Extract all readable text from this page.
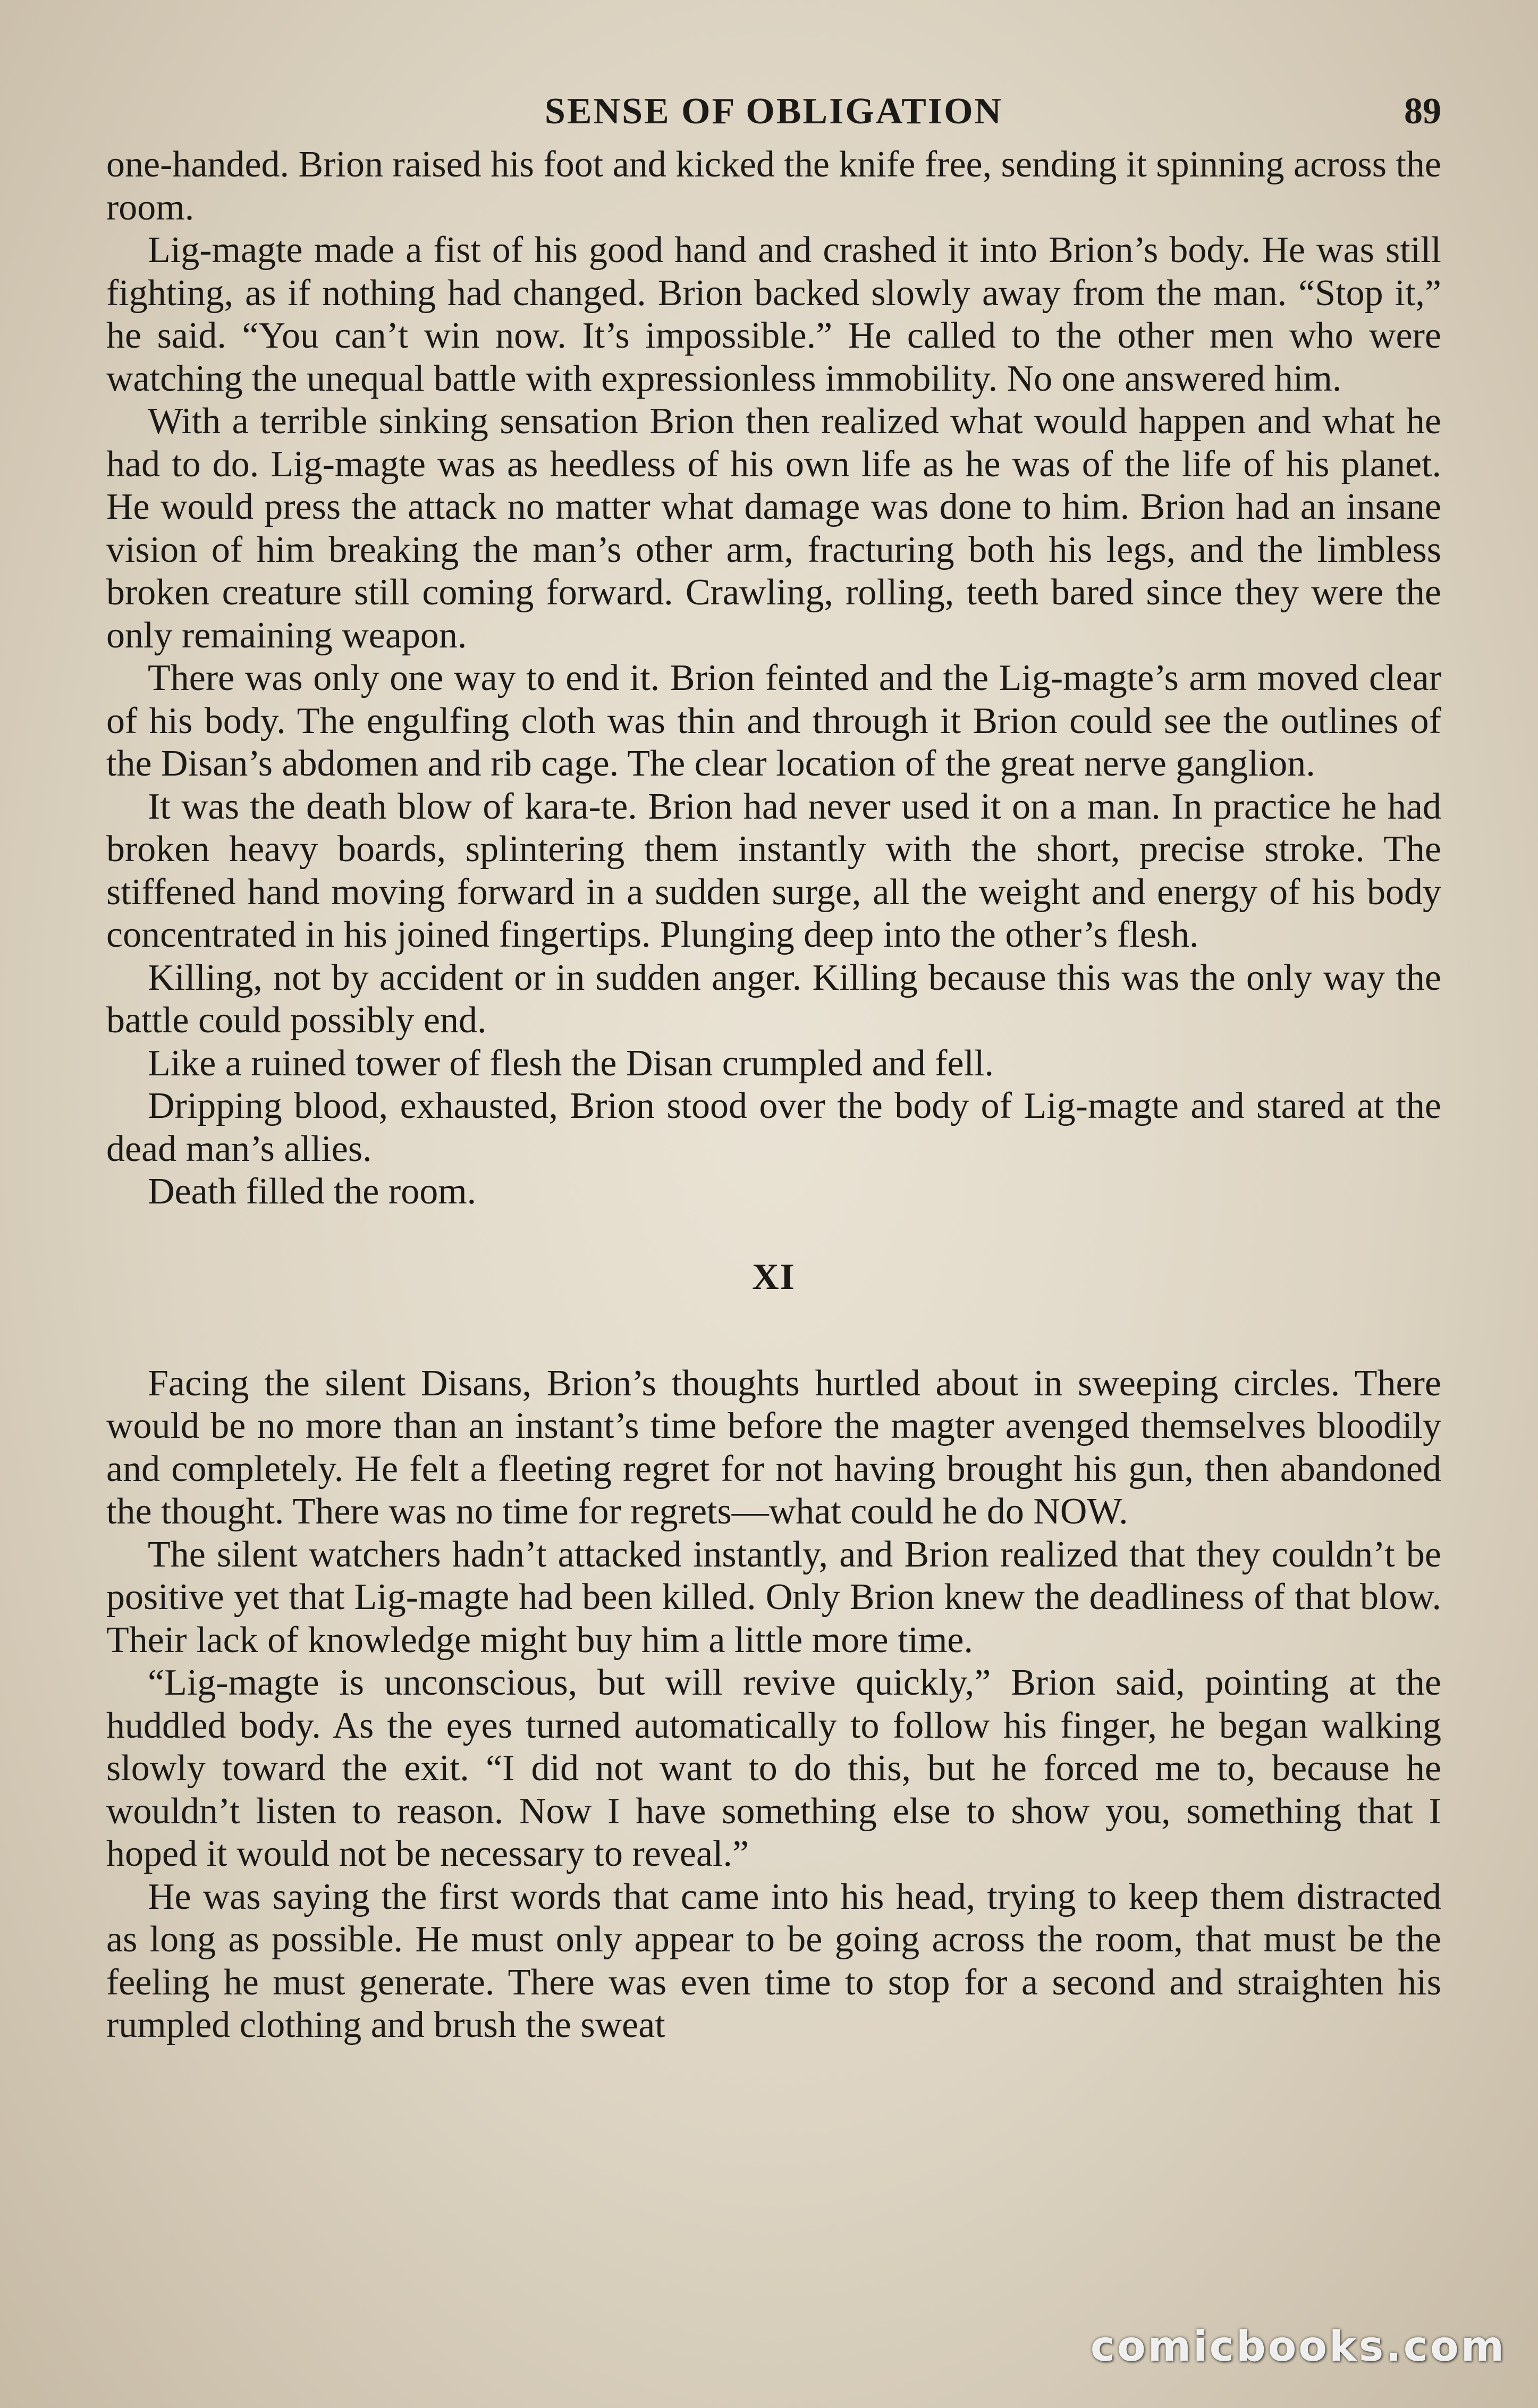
SENSE OF OBLIGATION	89

one-handed. Brion raised his foot and kicked the knife free, sending it spinning across the room.

Lig-magte made a fist of his good hand and crashed it into Brion’s body. He was still fighting, as if nothing had changed. Brion backed slowly away from the man. “Stop it,” he said. “You can’t win now. It’s impossible.” He called to the other men who were watching the unequal battle with expressionless immobility. No one answered him.

With a terrible sinking sensation Brion then realized what would happen and what he had to do. Lig-magte was as heedless of his own life as he was of the life of his planet. He would press the attack no matter what damage was done to him. Brion had an insane vision of him breaking the man’s other arm, fracturing both his legs, and the limbless broken creature still coming forward. Crawling, rolling, teeth bared since they were the only remaining weapon.

There was only one way to end it. Brion feinted and the Lig-magte’s arm moved clear of his body. The engulfing cloth was thin and through it Brion could see the outlines of the Disan’s abdomen and rib cage. The clear location of the great nerve ganglion.

It was the death blow of kara-te. Brion had never used it on a man. In practice he had broken heavy boards, splintering them instantly with the short, precise stroke. The stiffened hand moving forward in a sudden surge, all the weight and energy of his body concentrated in his joined fingertips. Plunging deep into the other’s flesh.

Killing, not by accident or in sudden anger. Killing because this was the only way the battle could possibly end.

Like a ruined tower of flesh the Disan crumpled and fell.

Dripping blood, exhausted, Brion stood over the body of Lig-magte and stared at the dead man’s allies.

Death filled the room.

XI

Facing the silent Disans, Brion’s thoughts hurtled about in sweeping circles. There would be no more than an instant’s time before the magter avenged themselves bloodily and completely. He felt a fleeting regret for not having brought his gun, then abandoned the thought. There was no time for regrets—what could he do NOW.

The silent watchers hadn’t attacked instantly, and Brion realized that they couldn’t be positive yet that Lig-magte had been killed. Only Brion knew the deadliness of that blow. Their lack of knowledge might buy him a little more time.

“Lig-magte is unconscious, but will revive quickly,” Brion said, pointing at the huddled body. As the eyes turned automatically to follow his finger, he began walking slowly toward the exit. “I did not want to do this, but he forced me to, because he wouldn’t listen to reason. Now I have something else to show you, something that I hoped it would not be necessary to reveal.”

He was saying the first words that came into his head, trying to keep them distracted as long as possible. He must only appear to be going across the room, that must be the feeling he must generate. There was even time to stop for a second and straighten his rumpled clothing and brush the sweat

comicbooks.com
